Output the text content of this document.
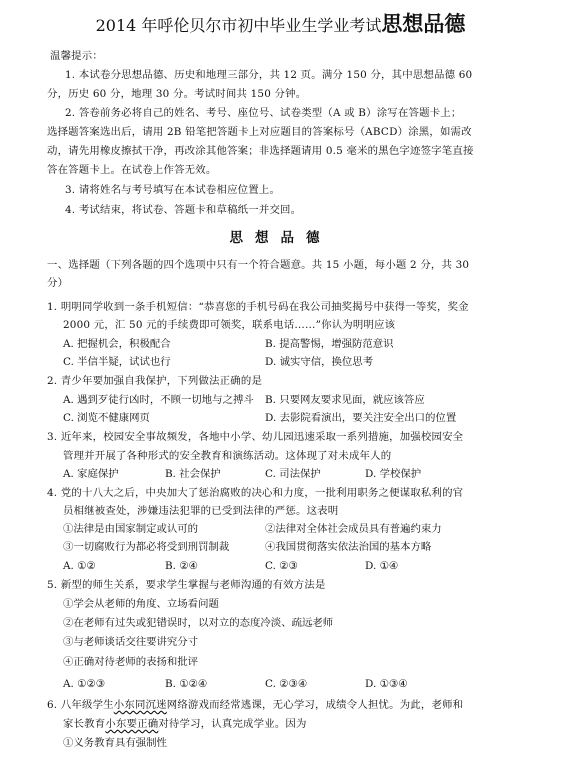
2014 年呼伦贝尔市初中毕业生学业考试思想品德
温馨提示：
1. 本试卷分思想品德、历史和地理三部分，共 12 页。满分 150 分，其中思想品德 60
分，历史 60 分，地理 30 分。考试时间共 150 分钟。
2. 答卷前务必将自己的姓名、考号、座位号、试卷类型（A 或 B）涂写在答题卡上；
选择题答案选出后，请用 2B 铅笔把答题卡上对应题目的答案标号（ABCD）涂黑，如需改
动，请先用橡皮擦拭干净，再改涂其他答案；非选择题请用 0.5 毫米的黑色字迹签字笔直接
答在答题卡上。在试卷上作答无效。
3. 请将姓名与考号填写在本试卷相应位置上。
4. 考试结束，将试卷、答题卡和草稿纸一并交回。
思想品德
一、选择题（下列各题的四个选项中只有一个符合题意。共 15 小题，每小题 2 分，共 30
分）
1. 明明同学收到一条手机短信：“恭喜您的手机号码在我公司抽奖揭号中获得一等奖，奖金
2000 元，汇 50 元的手续费即可领奖，联系电话……”你认为明明应该
A. 把握机会，积极配合	B. 提高警惕，增强防范意识
C. 半信半疑，试试也行	D. 诚实守信，换位思考
2. 青少年要加强自我保护，下列做法正确的是
A. 遇到歹徒行凶时，不顾一切地与之搏斗 B. 只要网友要求见面，就应该答应
C. 浏览不健康网页	D. 去影院看演出，要关注安全出口的位置
3. 近年来，校园安全事故频发，各地中小学、幼儿园迅速采取一系列措施，加强校园安全
管理并开展了各种形式的安全教育和演练活动。这体现了对未成年人的
A. 家庭保护	B. 社会保护	C. 司法保护	D. 学校保护
4. 党的十八大之后，中央加大了惩治腐败的决心和力度，一批利用职务之便谋取私利的官
员相继被查处，涉嫌违法犯罪的已受到法律的严惩。这表明
①法律是由国家制定或认可的	②法律对全体社会成员具有普遍约束力
③一切腐败行为都必将受到刑罚制裁	④我国贯彻落实依法治国的基本方略
A. ①②	B. ②④	C. ②③	D. ①④
5. 新型的师生关系，要求学生掌握与老师沟通的有效方法是
①学会从老师的角度、立场看问题
②在老师有过失或犯错误时，以对立的态度冷淡、疏远老师
③与老师谈话交往要讲究分寸
④正确对待老师的表扬和批评
A. ①②③	B. ①②④	C. ②③④	D. ①③④
6. 八年级学生小东同沉迷网络游戏而经常逃课，无心学习，成绩令人担忧。为此，老师和
家长教育小东要正确对待学习，认真完成学业。因为
①义务教育具有强制性
